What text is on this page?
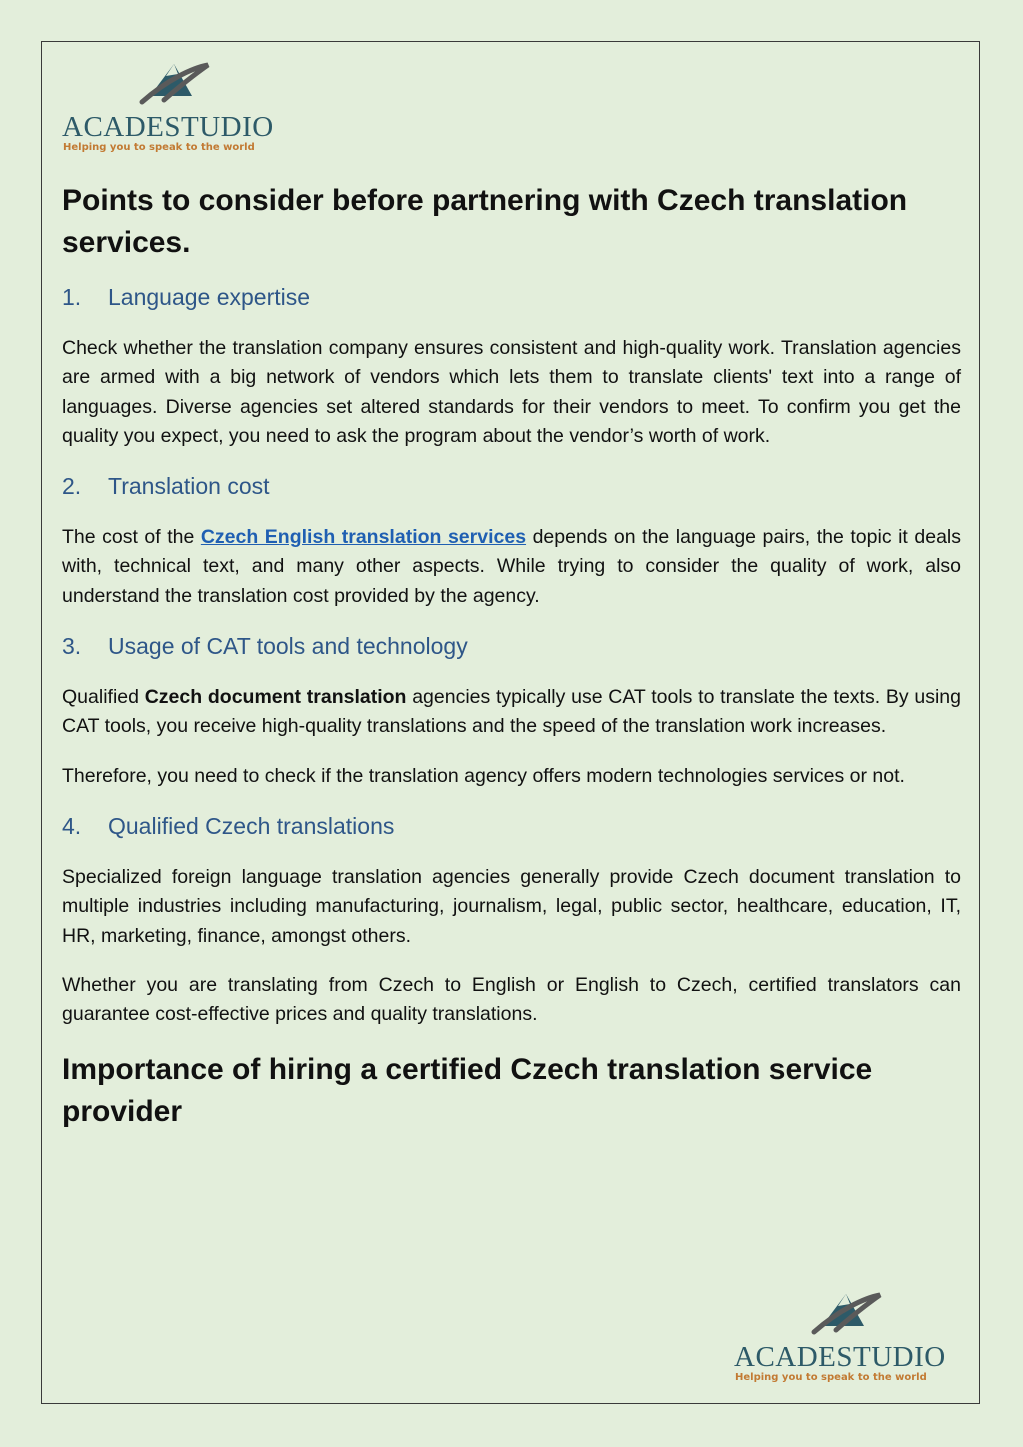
ACADESTUDIO
Helping you to speak to the world
Points to consider before partnering with Czech translation services.
1. Language expertise

Check whether the translation company ensures consistent and high-quality work. Translation agencies are armed with a big network of vendors which lets them to translate clients' text into a range of languages. Diverse agencies set altered standards for their vendors to meet. To confirm you get the quality you expect, you need to ask the program about the vendor’s worth of work.

2. Translation cost

The cost of the Czech English translation services depends on the language pairs, the topic it deals with, technical text, and many other aspects. While trying to consider the quality of work, also understand the translation cost provided by the agency.

3. Usage of CAT tools and technology

Qualified Czech document translation agencies typically use CAT tools to translate the texts. By using CAT tools, you receive high-quality translations and the speed of the translation work increases.

Therefore, you need to check if the translation agency offers modern technologies services or not.

4. Qualified Czech translations

Specialized foreign language translation agencies generally provide Czech document translation to multiple industries including manufacturing, journalism, legal, public sector, healthcare, education, IT, HR, marketing, finance, amongst others.

Whether you are translating from Czech to English or English to Czech, certified translators can guarantee cost-effective prices and quality translations.

Importance of hiring a certified Czech translation service provider
ACADESTUDIO
Helping you to speak to the world
